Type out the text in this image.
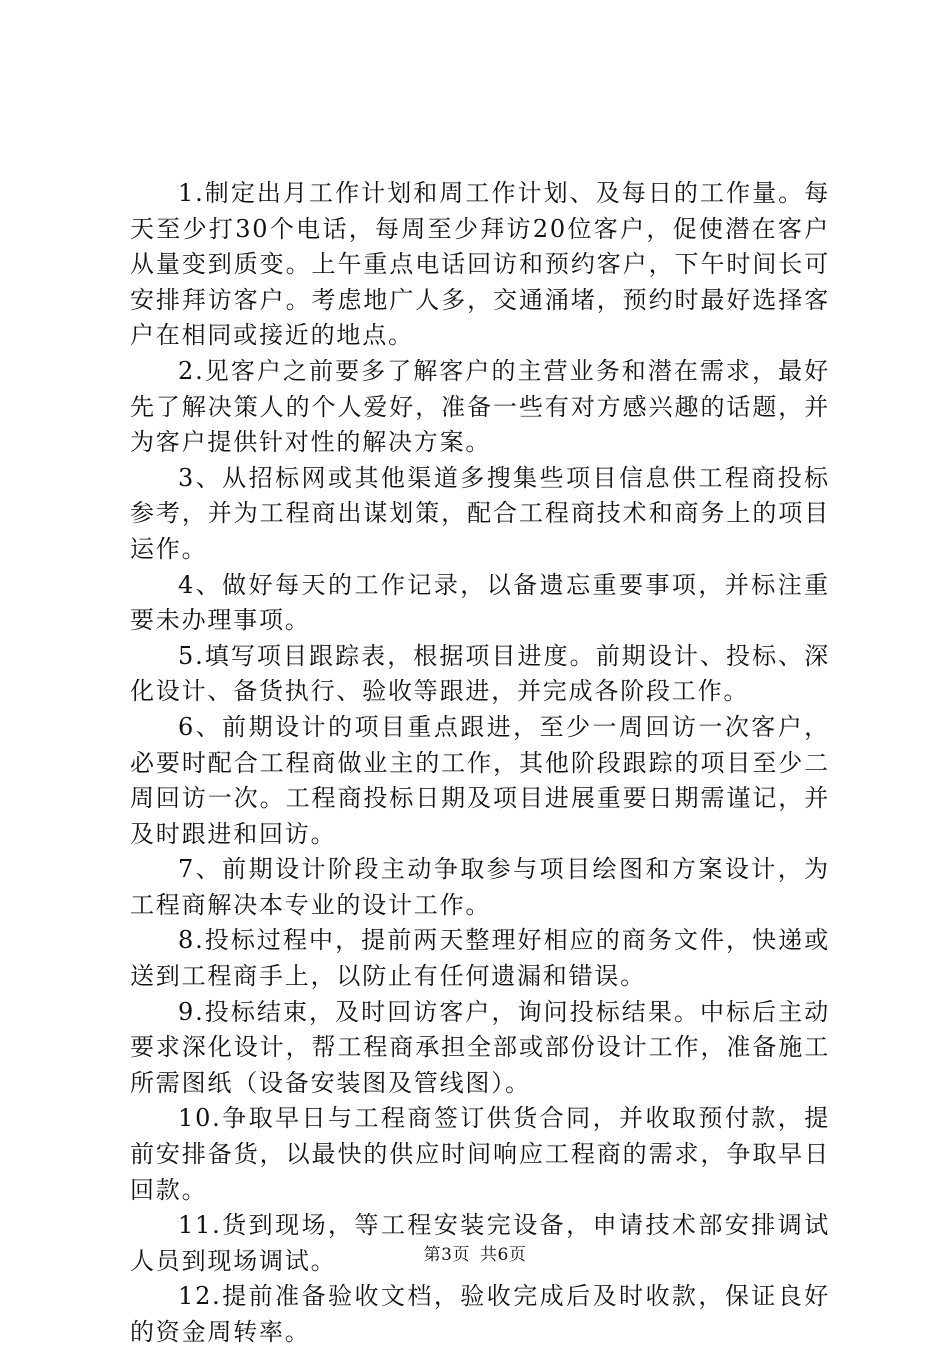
1.制定出月工作计划和周工作计划、及每日的工作量。每天至少打30个电话，每周至少拜访20位客户，促使潜在客户从量变到质变。上午重点电话回访和预约客户，下午时间长可安排拜访客户。考虑地广人多，交通涌堵，预约时最好选择客户在相同或接近的地点。

2.见客户之前要多了解客户的主营业务和潜在需求，最好先了解决策人的个人爱好，准备一些有对方感兴趣的话题，并为客户提供针对性的解决方案。

3、从招标网或其他渠道多搜集些项目信息供工程商投标参考，并为工程商出谋划策，配合工程商技术和商务上的项目运作。

4、做好每天的工作记录，以备遗忘重要事项，并标注重要未办理事项。

5.填写项目跟踪表，根据项目进度。前期设计、投标、深化设计、备货执行、验收等跟进，并完成各阶段工作。

6、前期设计的项目重点跟进，至少一周回访一次客户，必要时配合工程商做业主的工作，其他阶段跟踪的项目至少二周回访一次。工程商投标日期及项目进展重要日期需谨记，并及时跟进和回访。

7、前期设计阶段主动争取参与项目绘图和方案设计，为工程商解决本专业的设计工作。

8.投标过程中，提前两天整理好相应的商务文件，快递或送到工程商手上，以防止有任何遗漏和错误。

9.投标结束，及时回访客户，询问投标结果。中标后主动要求深化设计，帮工程商承担全部或部份设计工作，准备施工所需图纸（设备安装图及管线图）。

10.争取早日与工程商签订供货合同，并收取预付款，提前安排备货，以最快的供应时间响应工程商的需求，争取早日回款。

11.货到现场，等工程安装完设备，申请技术部安排调试人员到现场调试。

12.提前准备验收文档，验收完成后及时收款，保证良好的资金周转率。

第3页 共6页
